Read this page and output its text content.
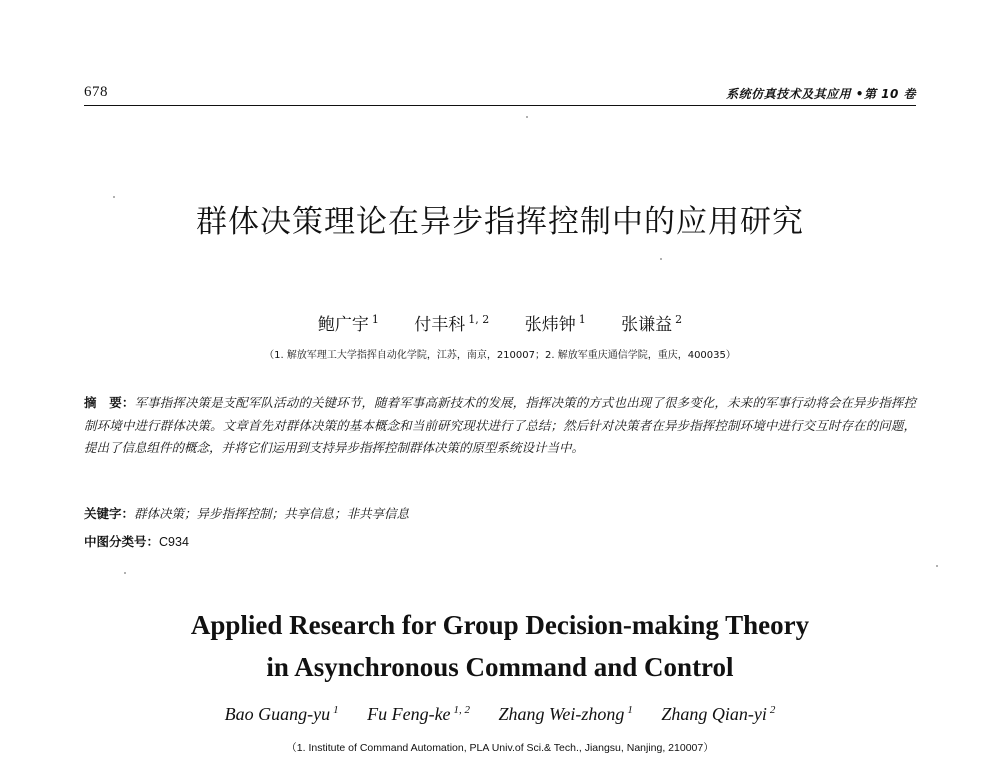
678	系统仿真技术及其应用 •第 10 卷
群体决策理论在异步指挥控制中的应用研究
鲍广宇 $^1$ 付丰科 $^{1, 2}$ 张炜钟 $^1$ 张谦益 $^2$
（1. 解放军理工大学指挥自动化学院，江苏，南京，210007；2. 解放军重庆通信学院，重庆，400035）
摘　要：军事指挥决策是支配军队活动的关键环节，随着军事高新技术的发展，指挥决策的方式也出现了很多变化，未来的军事行动将会在异步指挥控制环境中进行群体决策。文章首先对群体决策的基本概念和当前研究现状进行了总结；然后针对决策者在异步指挥控制环境中进行交互时存在的问题，提出了信息组件的概念，并将它们运用到支持异步指挥控制群体决策的原型系统设计当中。
关键字：群体决策；异步指挥控制；共享信息；非共享信息
中图分类号：C934
Applied Research for Group Decision-making Theory
in Asynchronous Command and Control
Bao Guang-yu $^1$ Fu Feng-ke $^{1, 2}$ Zhang Wei-zhong $^1$ Zhang Qian-yi $^2$
（1. Institute of Command Automation, PLA Univ.of Sci.& Tech., Jiangsu, Nanjing, 210007）
